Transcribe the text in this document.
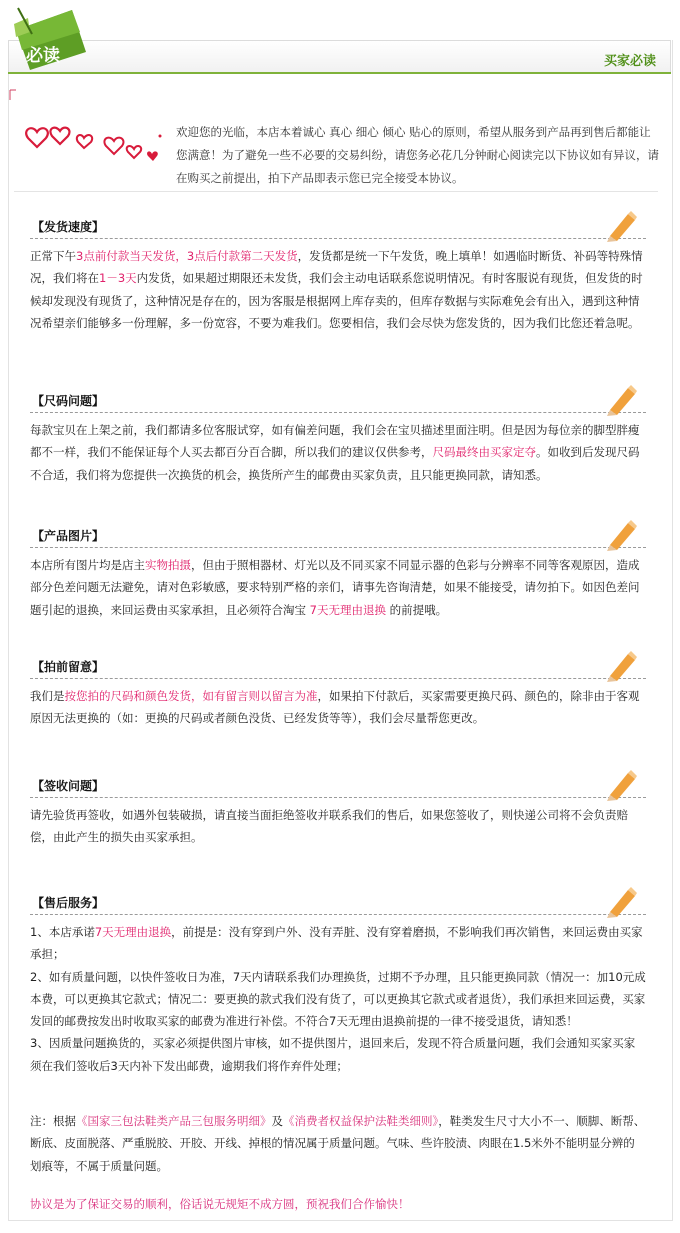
必读	买家必读
欢迎您的光临，本店本着诚心 真心 细心 倾心 贴心的原则，希望从服务到产品再到售后都能让您满意！为了避免一些不必要的交易纠纷，请您务必花几分钟耐心阅读完以下协议如有异议，请在购买之前提出，拍下产品即表示您已完全接受本协议。
【发货速度】

正常下午3点前付款当天发货，3点后付款第二天发货，发货都是统一下午发货，晚上填单！如遇临时断货、补码等特殊情况，我们将在1－3天内发货，如果超过期限还未发货，我们会主动电话联系您说明情况。有时客服说有现货，但发货的时候却发现没有现货了，这种情况是存在的，因为客服是根据网上库存卖的，但库存数据与实际难免会有出入，遇到这种情况希望亲们能够多一份理解，多一份宽容，不要为难我们。您要相信，我们会尽快为您发货的，因为我们比您还着急呢。

【尺码问题】

每款宝贝在上架之前，我们都请多位客服试穿，如有偏差问题，我们会在宝贝描述里面注明。但是因为每位亲的脚型胖瘦都不一样，我们不能保证每个人买去都百分百合脚，所以我们的建议仅供参考，尺码最终由买家定夺。如收到后发现尺码不合适，我们将为您提供一次换货的机会，换货所产生的邮费由买家负责，且只能更换同款，请知悉。

【产品图片】

本店所有图片均是店主实物拍摄，但由于照相器材、灯光以及不同买家不同显示器的色彩与分辨率不同等客观原因，造成部分色差问题无法避免，请对色彩敏感，要求特别严格的亲们，请事先咨询清楚，如果不能接受，请勿拍下。如因色差问题引起的退换，来回运费由买家承担，且必须符合淘宝 7天无理由退换 的前提哦。

【拍前留意】

我们是按您拍的尺码和颜色发货，如有留言则以留言为准，如果拍下付款后，买家需要更换尺码、颜色的，除非由于客观原因无法更换的（如：更换的尺码或者颜色没货、已经发货等等），我们会尽量帮您更改。

【签收问题】

请先验货再签收，如遇外包装破损，请直接当面拒绝签收并联系我们的售后，如果您签收了，则快递公司将不会负责赔偿，由此产生的损失由买家承担。

【售后服务】

1、本店承诺7天无理由退换，前提是：没有穿到户外、没有弄脏、没有穿着磨损，不影响我们再次销售，来回运费由买家承担；

2、如有质量问题，以快件签收日为准，7天内请联系我们办理换货，过期不予办理，且只能更换同款（情况一：加10元成本费，可以更换其它款式；情况二：要更换的款式我们没有货了，可以更换其它款式或者退货），我们承担来回运费，买家发回的邮费按发出时收取买家的邮费为准进行补偿。不符合7天无理由退换前提的一律不接受退货，请知悉！

3、因质量问题换货的，买家必须提供图片审核，如不提供图片，退回来后，发现不符合质量问题，我们会通知买家买家须在我们签收后3天内补下发出邮费，逾期我们将作弃件处理；

注：根据《国家三包法鞋类产品三包服务明细》及《消费者权益保护法鞋类细则》，鞋类发生尺寸大小不一、顺脚、断帮、断底、皮面脱落、严重脱胶、开胶、开线、掉根的情况属于质量问题。气味、些许胶渍、肉眼在1.5米外不能明显分辨的划痕等，不属于质量问题。

协议是为了保证交易的顺利，俗话说无规矩不成方圆，预祝我们合作愉快！
